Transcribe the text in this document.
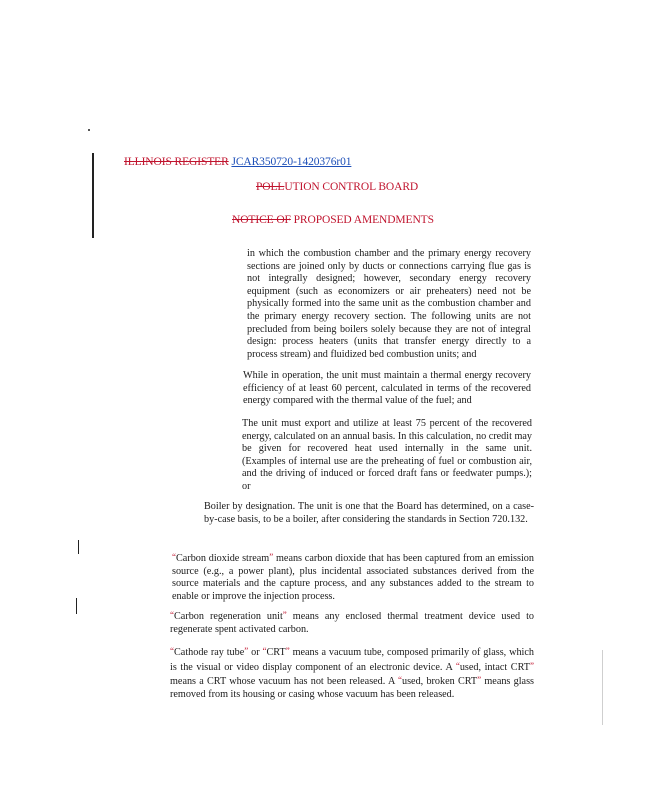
ILLINOIS REGISTER JCAR350720-1420376r01
POLLUTION CONTROL BOARD
NOTICE OF PROPOSED AMENDMENTS

in which the combustion chamber and the primary energy recovery sections are joined only by ducts or connections carrying flue gas is not integrally designed; however, secondary energy recovery equipment (such as economizers or air preheaters) need not be physically formed into the same unit as the combustion chamber and the primary energy recovery section. The following units are not precluded from being boilers solely because they are not of integral design: process heaters (units that transfer energy directly to a process stream) and fluidized bed combustion units; and

While in operation, the unit must maintain a thermal energy recovery efficiency of at least 60 percent, calculated in terms of the recovered energy compared with the thermal value of the fuel; and

The unit must export and utilize at least 75 percent of the recovered energy, calculated on an annual basis. In this calculation, no credit may be given for recovered heat used internally in the same unit. (Examples of internal use are the preheating of fuel or combustion air, and the driving of induced or forced draft fans or feedwater pumps.); or

Boiler by designation. The unit is one that the Board has determined, on a case-by-case basis, to be a boiler, after considering the standards in Section 720.132.

“Carbon dioxide stream” means carbon dioxide that has been captured from an emission source (e.g., a power plant), plus incidental associated substances derived from the source materials and the capture process, and any substances added to the stream to enable or improve the injection process.

“Carbon regeneration unit” means any enclosed thermal treatment device used to regenerate spent activated carbon.

“Cathode ray tube” or “CRT” means a vacuum tube, composed primarily of glass, which is the visual or video display component of an electronic device. A “used, intact CRT” means a CRT whose vacuum has not been released. A “used, broken CRT” means glass removed from its housing or casing whose vacuum has been released.
